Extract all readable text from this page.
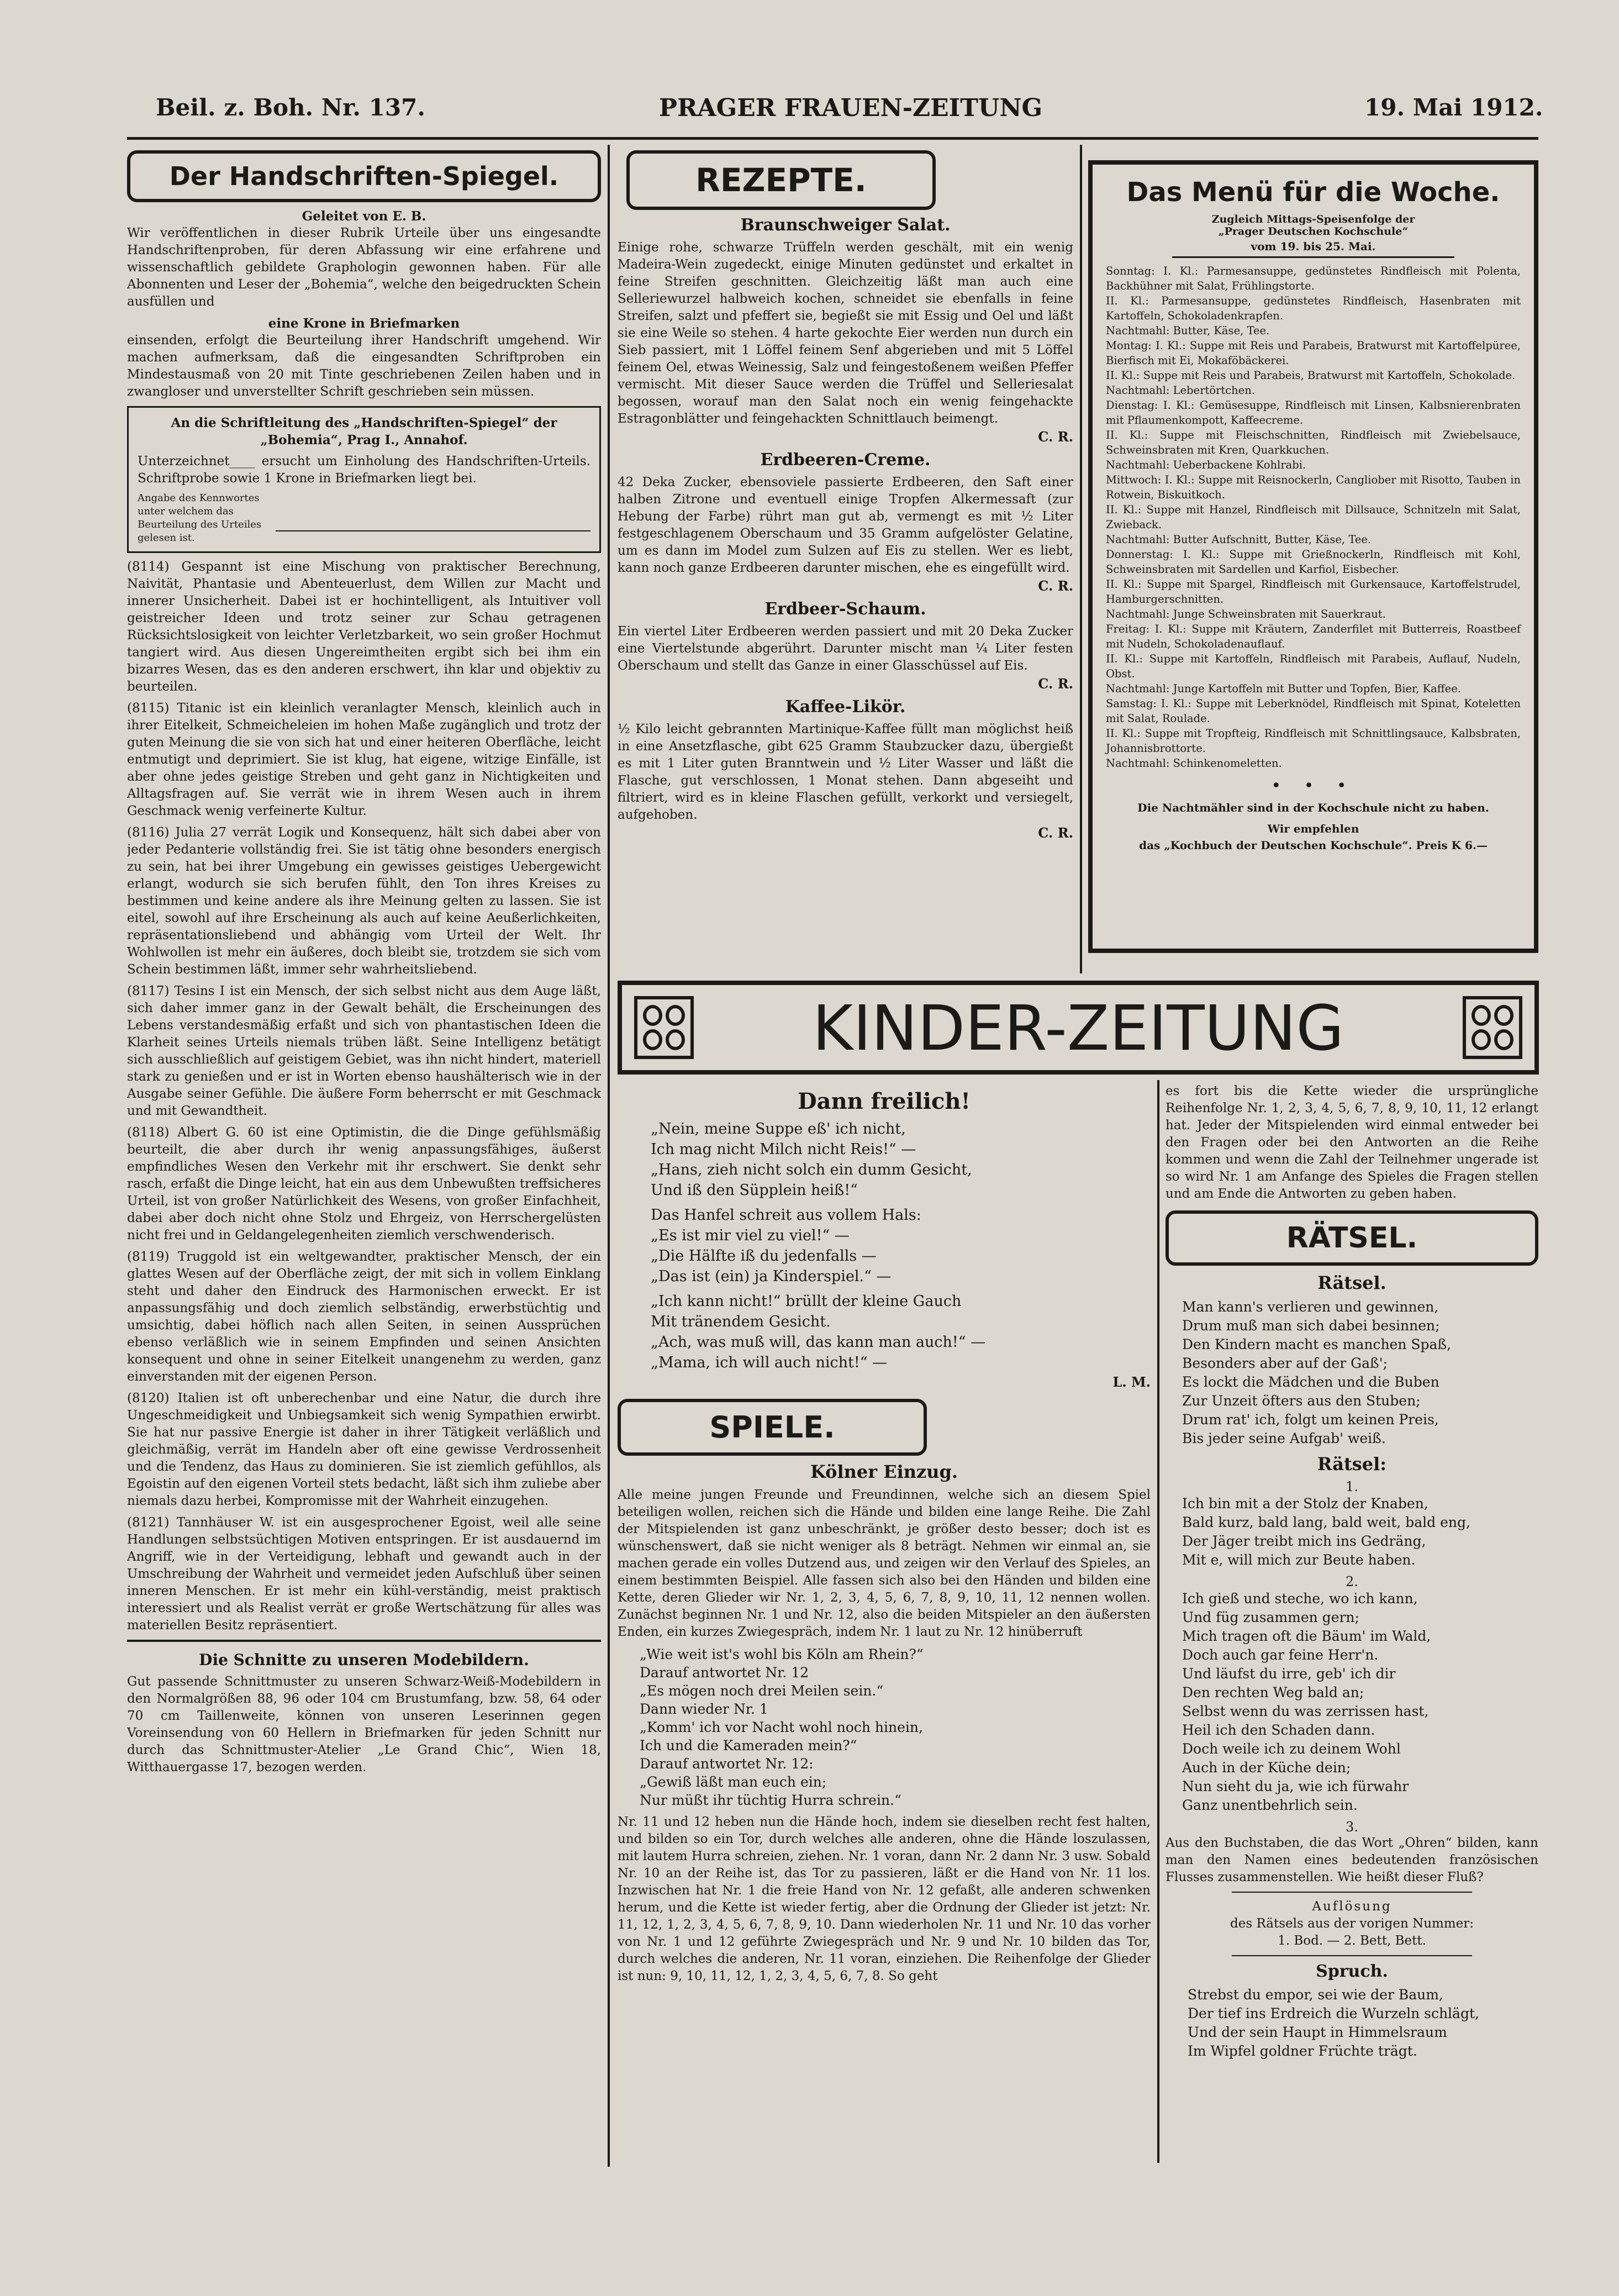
Beil. z. Boh. Nr. 137.	PRAGER FRAUEN-ZEITUNG	19. Mai 1912.
Der Handschriften-Spiegel.
Geleitet von E. B.

Wir veröffentlichen in dieser Rubrik Urteile über uns eingesandte Handschriftenproben, für deren Abfassung wir eine erfahrene und wissenschaftlich gebildete Graphologin gewonnen haben. Für alle Abonnenten und Leser der „Bohemia“, welche den beigedruckten Schein ausfüllen und

eine Krone in Briefmarken

einsenden, erfolgt die Beurteilung ihrer Handschrift umgehend. Wir machen aufmerksam, daß die eingesandten Schriftproben ein Mindestausmaß von 20 mit Tinte geschriebenen Zeilen haben und in zwangloser und unverstellter Schrift geschrieben sein müssen.

An die Schriftleitung des „Handschriften-Spiegel“ der „Bohemia“, Prag I., Annahof.
Unterzeichnet____ ersucht um Einholung des Handschriften-Urteils. Schriftprobe sowie 1 Krone in Briefmarken liegt bei.
Angabe des Kennwortes unter welchem das Beurteilung des Urteiles gelesen ist.

(8114) Gespannt ist eine Mischung von praktischer Berechnung, Naivität, Phantasie und Abenteuerlust, dem Willen zur Macht und innerer Unsicherheit. Dabei ist er hochintelligent, als Intuitiver voll geistreicher Ideen und trotz seiner zur Schau getragenen Rücksichtslosigkeit von leichter Verletzbarkeit, wo sein großer Hochmut tangiert wird. Aus diesen Ungereimtheiten ergibt sich bei ihm ein bizarres Wesen, das es den anderen erschwert, ihn klar und objektiv zu beurteilen.

(8115) Titanic ist ein kleinlich veranlagter Mensch, kleinlich auch in ihrer Eitelkeit, Schmeicheleien im hohen Maße zugänglich und trotz der guten Meinung die sie von sich hat und einer heiteren Oberfläche, leicht entmutigt und deprimiert. Sie ist klug, hat eigene, witzige Einfälle, ist aber ohne jedes geistige Streben und geht ganz in Nichtigkeiten und Alltagsfragen auf. Sie verrät wie in ihrem Wesen auch in ihrem Geschmack wenig verfeinerte Kultur.

(8116) Julia 27 verrät Logik und Konsequenz, hält sich dabei aber von jeder Pedanterie vollständig frei. Sie ist tätig ohne besonders energisch zu sein, hat bei ihrer Umgebung ein gewisses geistiges Uebergewicht erlangt, wodurch sie sich berufen fühlt, den Ton ihres Kreises zu bestimmen und keine andere als ihre Meinung gelten zu lassen. Sie ist eitel, sowohl auf ihre Erscheinung als auch auf keine Aeußerlichkeiten, repräsentationsliebend und abhängig vom Urteil der Welt. Ihr Wohlwollen ist mehr ein äußeres, doch bleibt sie, trotzdem sie sich vom Schein bestimmen läßt, immer sehr wahrheitsliebend.

(8117) Tesins I ist ein Mensch, der sich selbst nicht aus dem Auge läßt, sich daher immer ganz in der Gewalt behält, die Erscheinungen des Lebens verstandesmäßig erfaßt und sich von phantastischen Ideen die Klarheit seines Urteils niemals trüben läßt. Seine Intelligenz betätigt sich ausschließlich auf geistigem Gebiet, was ihn nicht hindert, materiell stark zu genießen und er ist in Worten ebenso haushälterisch wie in der Ausgabe seiner Gefühle. Die äußere Form beherrscht er mit Geschmack und mit Gewandtheit.

(8118) Albert G. 60 ist eine Optimistin, die die Dinge gefühlsmäßig beurteilt, die aber durch ihr wenig anpassungsfähiges, äußerst empfindliches Wesen den Verkehr mit ihr erschwert. Sie denkt sehr rasch, erfaßt die Dinge leicht, hat ein aus dem Unbewußten treffsicheres Urteil, ist von großer Natürlichkeit des Wesens, von großer Einfachheit, dabei aber doch nicht ohne Stolz und Ehrgeiz, von Herrschergelüsten nicht frei und in Geldangelegenheiten ziemlich verschwenderisch.

(8119) Truggold ist ein weltgewandter, praktischer Mensch, der ein glattes Wesen auf der Oberfläche zeigt, der mit sich in vollem Einklang steht und daher den Eindruck des Harmonischen erweckt. Er ist anpassungsfähig und doch ziemlich selbständig, erwerbstüchtig und umsichtig, dabei höflich nach allen Seiten, in seinen Aussprüchen ebenso verläßlich wie in seinem Empfinden und seinen Ansichten konsequent und ohne in seiner Eitelkeit unangenehm zu werden, ganz einverstanden mit der eigenen Person.

(8120) Italien ist oft unberechenbar und eine Natur, die durch ihre Ungeschmeidigkeit und Unbiegsamkeit sich wenig Sympathien erwirbt. Sie hat nur passive Energie ist daher in ihrer Tätigkeit verläßlich und gleichmäßig, verrät im Handeln aber oft eine gewisse Verdrossenheit und die Tendenz, das Haus zu dominieren. Sie ist ziemlich gefühllos, als Egoistin auf den eigenen Vorteil stets bedacht, läßt sich ihm zuliebe aber niemals dazu herbei, Kompromisse mit der Wahrheit einzugehen.

(8121) Tannhäuser W. ist ein ausgesprochener Egoist, weil alle seine Handlungen selbstsüchtigen Motiven entspringen. Er ist ausdauernd im Angriff, wie in der Verteidigung, lebhaft und gewandt auch in der Umschreibung der Wahrheit und vermeidet jeden Aufschluß über seinen inneren Menschen. Er ist mehr ein kühl-verständig, meist praktisch interessiert und als Realist verrät er große Wertschätzung für alles was materiellen Besitz repräsentiert.

Die Schnitte zu unseren Modebildern.

Gut passende Schnittmuster zu unseren Schwarz-Weiß-Modebildern in den Normalgrößen 88, 96 oder 104 cm Brustumfang, bzw. 58, 64 oder 70 cm Taillenweite, können von unseren Leserinnen gegen Voreinsendung von 60 Hellern in Briefmarken für jeden Schnitt nur durch das Schnittmuster-Atelier „Le Grand Chic“, Wien 18, Witthauergasse 17, bezogen werden.

REZEPTE.
Braunschweiger Salat.

Einige rohe, schwarze Trüffeln werden geschält, mit ein wenig Madeira-Wein zugedeckt, einige Minuten gedünstet und erkaltet in feine Streifen geschnitten. Gleichzeitig läßt man auch eine Selleriewurzel halbweich kochen, schneidet sie ebenfalls in feine Streifen, salzt und pfeffert sie, begießt sie mit Essig und Oel und läßt sie eine Weile so stehen. 4 harte gekochte Eier werden nun durch ein Sieb passiert, mit 1 Löffel feinem Senf abgerieben und mit 5 Löffel feinem Oel, etwas Weinessig, Salz und feingestoßenem weißen Pfeffer vermischt. Mit dieser Sauce werden die Trüffel und Selleriesalat begossen, worauf man den Salat noch ein wenig feingehackte Estragonblätter und feingehackten Schnittlauch beimengt.

C. R.
Erdbeeren-Creme.

42 Deka Zucker, ebensoviele passierte Erdbeeren, den Saft einer halben Zitrone und eventuell einige Tropfen Alkermessaft (zur Hebung der Farbe) rührt man gut ab, vermengt es mit ½ Liter festgeschlagenem Oberschaum und 35 Gramm aufgelöster Gelatine, um es dann im Model zum Sulzen auf Eis zu stellen. Wer es liebt, kann noch ganze Erdbeeren darunter mischen, ehe es eingefüllt wird.

C. R.
Erdbeer-Schaum.

Ein viertel Liter Erdbeeren werden passiert und mit 20 Deka Zucker eine Viertelstunde abgerührt. Darunter mischt man ¼ Liter festen Oberschaum und stellt das Ganze in einer Glasschüssel auf Eis.

C. R.
Kaffee-Likör.

½ Kilo leicht gebrannten Martinique-Kaffee füllt man möglichst heiß in eine Ansetzflasche, gibt 625 Gramm Staubzucker dazu, übergießt es mit 1 Liter guten Branntwein und ½ Liter Wasser und läßt die Flasche, gut verschlossen, 1 Monat stehen. Dann abgeseiht und filtriert, wird es in kleine Flaschen gefüllt, verkorkt und versiegelt, aufgehoben.

C. R.
Das Menü für die Woche.
Zugleich Mittags-Speisenfolge der
„Prager Deutschen Kochschule“
vom 19. bis 25. Mai.
Sonntag: I. Kl.: Parmesansuppe, gedünstetes Rindfleisch mit Polenta, Backhühner mit Salat, Frühlingstorte.
II. Kl.: Parmesansuppe, gedünstetes Rindfleisch, Hasenbraten mit Kartoffeln, Schokoladenkrapfen.
Nachtmahl: Butter, Käse, Tee.
Montag: I. Kl.: Suppe mit Reis und Parabeis, Bratwurst mit Kartoffelpüree, Bierfisch mit Ei, Mokaföbäckerei.
II. Kl.: Suppe mit Reis und Parabeis, Bratwurst mit Kartoffeln, Schokolade.
Nachtmahl: Lebertörtchen.
Dienstag: I. Kl.: Gemüsesuppe, Rindfleisch mit Linsen, Kalbsnierenbraten mit Pflaumenkompott, Kaffeecreme.
II. Kl.: Suppe mit Fleischschnitten, Rindfleisch mit Zwiebelsauce, Schweinsbraten mit Kren, Quarkkuchen.
Nachtmahl: Ueberbackene Kohlrabi.
Mittwoch: I. Kl.: Suppe mit Reisnockerln, Cangliober mit Risotto, Tauben in Rotwein, Biskuitkoch.
II. Kl.: Suppe mit Hanzel, Rindfleisch mit Dillsauce, Schnitzeln mit Salat, Zwieback.
Nachtmahl: Butter Aufschnitt, Butter, Käse, Tee.
Donnerstag: I. Kl.: Suppe mit Grießnockerln, Rindfleisch mit Kohl, Schweinsbraten mit Sardellen und Karfiol, Eisbecher.
II. Kl.: Suppe mit Spargel, Rindfleisch mit Gurkensauce, Kartoffelstrudel, Hamburgerschnitten.
Nachtmahl: Junge Schweinsbraten mit Sauerkraut.
Freitag: I. Kl.: Suppe mit Kräutern, Zanderfilet mit Butterreis, Roastbeef mit Nudeln, Schokoladenauflauf.
II. Kl.: Suppe mit Kartoffeln, Rindfleisch mit Parabeis, Auflauf, Nudeln, Obst.
Nachtmahl: Junge Kartoffeln mit Butter und Topfen, Bier, Kaffee.
Samstag: I. Kl.: Suppe mit Leberknödel, Rindfleisch mit Spinat, Koteletten mit Salat, Roulade.
II. Kl.: Suppe mit Tropfteig, Rindfleisch mit Schnittlingsauce, Kalbsbraten, Johannisbrottorte.
Nachtmahl: Schinkenomeletten.
• • •
Die Nachtmähler sind in der Kochschule nicht zu haben.
Wir empfehlen
das „Kochbuch der Deutschen Kochschule“. Preis K 6.—
KINDER-ZEITUNG
Dann freilich!
„Nein, meine Suppe eß' ich nicht,
Ich mag nicht Milch nicht Reis!“ —
„Hans, zieh nicht solch ein dumm Gesicht,
Und iß den Süpplein heiß!“
Das Hanfel schreit aus vollem Hals:
„Es ist mir viel zu viel!“ —
„Die Hälfte iß du jedenfalls —
„Das ist (ein) ja Kinderspiel.“ —
„Ich kann nicht!“ brüllt der kleine Gauch
Mit tränendem Gesicht.
„Ach, was muß will, das kann man auch!“ —
„Mama, ich will auch nicht!“ —
L. M.
SPIELE.
Kölner Einzug.

Alle meine jungen Freunde und Freundinnen, welche sich an diesem Spiel beteiligen wollen, reichen sich die Hände und bilden eine lange Reihe. Die Zahl der Mitspielenden ist ganz unbeschränkt, je größer desto besser; doch ist es wünschenswert, daß sie nicht weniger als 8 beträgt. Nehmen wir einmal an, sie machen gerade ein volles Dutzend aus, und zeigen wir den Verlauf des Spieles, an einem bestimmten Beispiel. Alle fassen sich also bei den Händen und bilden eine Kette, deren Glieder wir Nr. 1, 2, 3, 4, 5, 6, 7, 8, 9, 10, 11, 12 nennen wollen. Zunächst beginnen Nr. 1 und Nr. 12, also die beiden Mitspieler an den äußersten Enden, ein kurzes Zwiegespräch, indem Nr. 1 laut zu Nr. 12 hinüberruft

„Wie weit ist's wohl bis Köln am Rhein?“
Darauf antwortet Nr. 12
„Es mögen noch drei Meilen sein.“
Dann wieder Nr. 1
„Komm' ich vor Nacht wohl noch hinein,
Ich und die Kameraden mein?“
Darauf antwortet Nr. 12:
„Gewiß läßt man euch ein;
Nur müßt ihr tüchtig Hurra schrein.“

Nr. 11 und 12 heben nun die Hände hoch, indem sie dieselben recht fest halten, und bilden so ein Tor, durch welches alle anderen, ohne die Hände loszulassen, mit lautem Hurra schreien, ziehen. Nr. 1 voran, dann Nr. 2 dann Nr. 3 usw. Sobald Nr. 10 an der Reihe ist, das Tor zu passieren, läßt er die Hand von Nr. 11 los. Inzwischen hat Nr. 1 die freie Hand von Nr. 12 gefaßt, alle anderen schwenken herum, und die Kette ist wieder fertig, aber die Ordnung der Glieder ist jetzt: Nr. 11, 12, 1, 2, 3, 4, 5, 6, 7, 8, 9, 10. Dann wiederholen Nr. 11 und Nr. 10 das vorher von Nr. 1 und 12 geführte Zwiegespräch und Nr. 9 und Nr. 10 bilden das Tor, durch welches die anderen, Nr. 11 voran, einziehen. Die Reihenfolge der Glieder ist nun: 9, 10, 11, 12, 1, 2, 3, 4, 5, 6, 7, 8. So geht

es fort bis die Kette wieder die ursprüngliche Reihenfolge Nr. 1, 2, 3, 4, 5, 6, 7, 8, 9, 10, 11, 12 erlangt hat. Jeder der Mitspielenden wird einmal entweder bei den Fragen oder bei den Antworten an die Reihe kommen und wenn die Zahl der Teilnehmer ungerade ist so wird Nr. 1 am Anfange des Spieles die Fragen stellen und am Ende die Antworten zu geben haben.

RÄTSEL.
Rätsel.
Man kann's verlieren und gewinnen,
Drum muß man sich dabei besinnen;
Den Kindern macht es manchen Spaß,
Besonders aber auf der Gaß';
Es lockt die Mädchen und die Buben
Zur Unzeit öfters aus den Stuben;
Drum rat' ich, folgt um keinen Preis,
Bis jeder seine Aufgab' weiß.
Rätsel:
1.
Ich bin mit a der Stolz der Knaben,
Bald kurz, bald lang, bald weit, bald eng,
Der Jäger treibt mich ins Gedräng,
Mit e, will mich zur Beute haben.
2.
Ich gieß und steche, wo ich kann,
Und füg zusammen gern;
Mich tragen oft die Bäum' im Wald,
Doch auch gar feine Herr'n.
Und läufst du irre, geb' ich dir
Den rechten Weg bald an;
Selbst wenn du was zerrissen hast,
Heil ich den Schaden dann.
Doch weile ich zu deinem Wohl
Auch in der Küche dein;
Nun sieht du ja, wie ich fürwahr
Ganz unentbehrlich sein.
3.

Aus den Buchstaben, die das Wort „Ohren“ bilden, kann man den Namen eines bedeutenden französischen Flusses zusammenstellen. Wie heißt dieser Fluß?

Auflösung
des Rätsels aus der vorigen Nummer:
1. Bod. — 2. Bett, Bett.
Spruch.
Strebst du empor, sei wie der Baum,
Der tief ins Erdreich die Wurzeln schlägt,
Und der sein Haupt in Himmelsraum
Im Wipfel goldner Früchte trägt.
